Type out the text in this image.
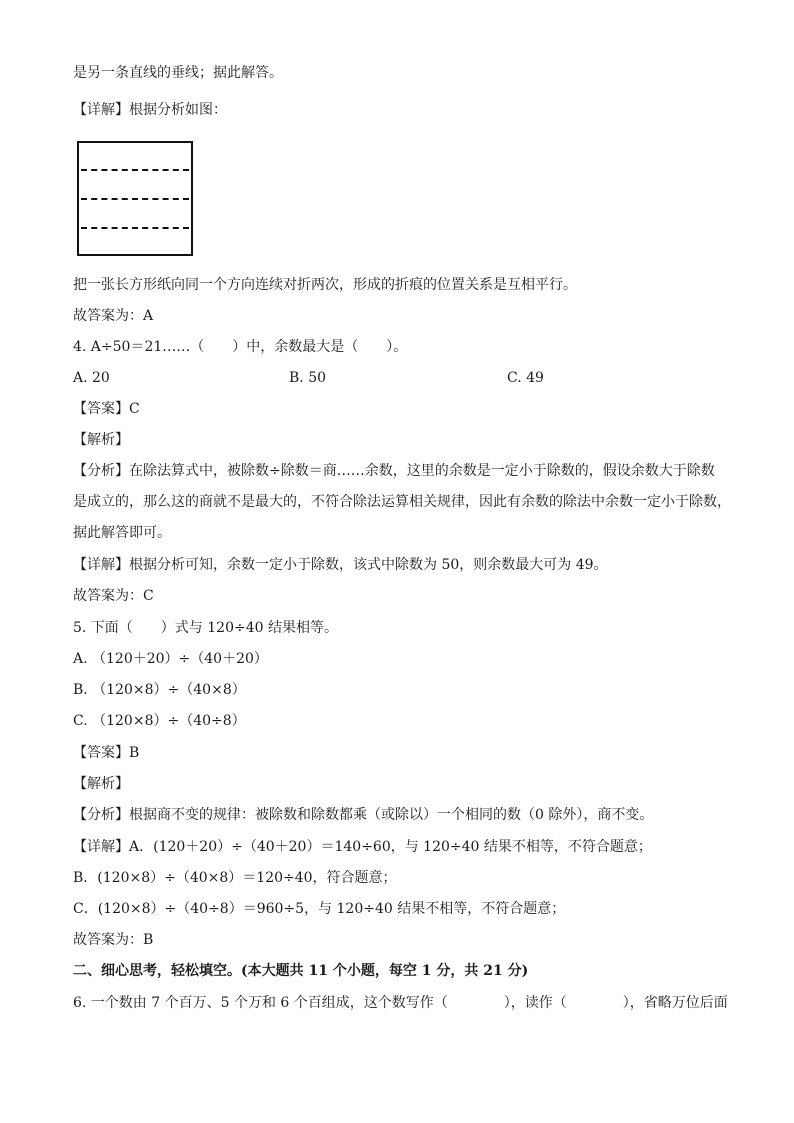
是另一条直线的垂线；据此解答。
【详解】根据分析如图：
把一张长方形纸向同一个方向连续对折两次，形成的折痕的位置关系是互相平行。
故答案为：A
4. A÷50＝21……（　　）中，余数最大是（　　）。
A. 20	B. 50	C. 49
【答案】C
【解析】
【分析】在除法算式中，被除数÷除数＝商……余数，这里的余数是一定小于除数的，假设余数大于除数
是成立的，那么这的商就不是最大的，不符合除法运算相关规律，因此有余数的除法中余数一定小于除数，
据此解答即可。
【详解】根据分析可知，余数一定小于除数，该式中除数为 50，则余数最大可为 49。
故答案为：C
5. 下面（　　）式与 120÷40 结果相等。
A. （120＋20）÷（40＋20）
B. （120×8）÷（40×8）
C. （120×8）÷（40÷8）
【答案】B
【解析】
【分析】根据商不变的规律：被除数和除数都乘（或除以）一个相同的数（0 除外），商不变。
【详解】A．(120＋20）÷（40＋20）＝140÷60，与 120÷40 结果不相等，不符合题意；
B．(120×8）÷（40×8）＝120÷40，符合题意；
C．(120×8）÷（40÷8）＝960÷5，与 120÷40 结果不相等，不符合题意；
故答案为：B
二、细心思考，轻松填空。(本大题共 11 个小题，每空 1 分，共 21 分)
6. 一个数由 7 个百万、5 个万和 6 个百组成，这个数写作（　　　　），读作（　　　　），省略万位后面
